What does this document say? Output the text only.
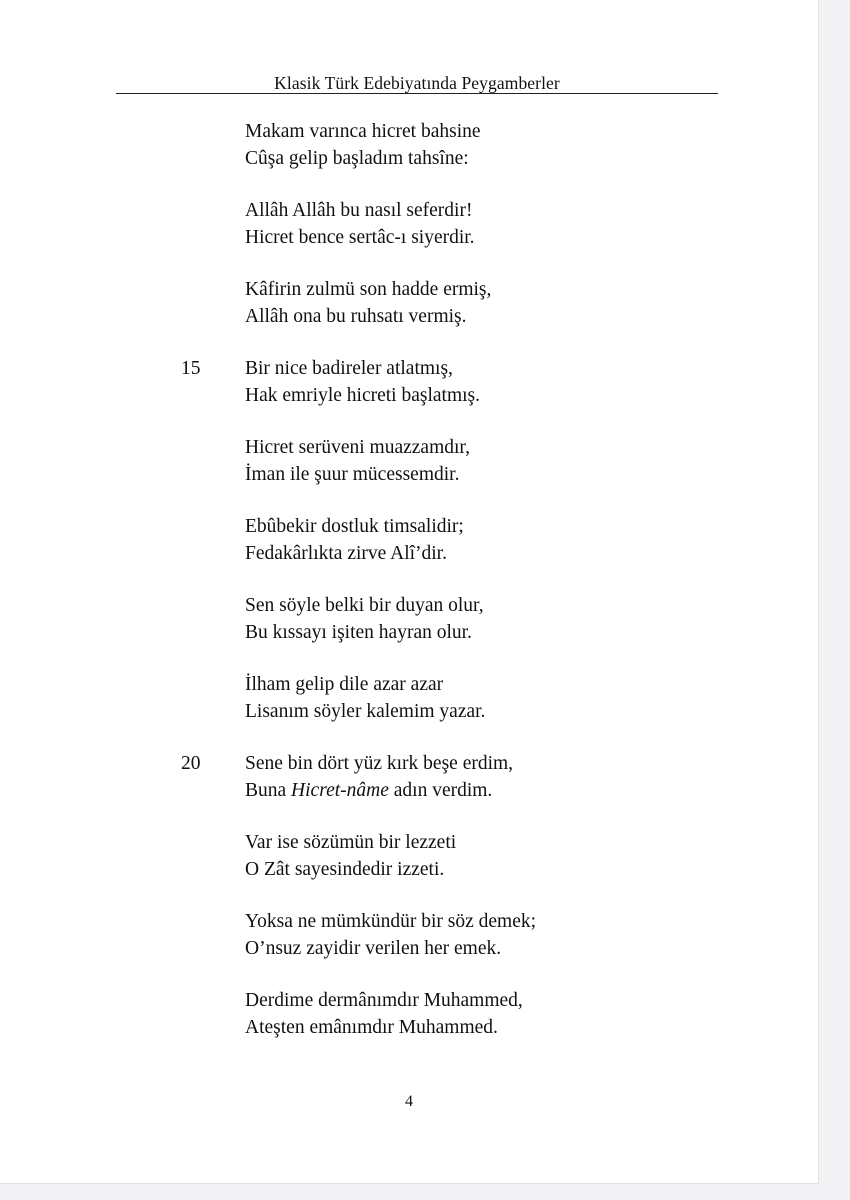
Klasik Türk Edebiyatında Peygamberler
Makam varınca hicret bahsine
Cûşa gelip başladım tahsîne:
Allâh Allâh bu nasıl seferdir!
Hicret bence sertâc-ı siyerdir.
Kâfirin zulmü son hadde ermiş,
Allâh ona bu ruhsatı vermiş.
15 Bir nice badireler atlatmış,
Hak emriyle hicreti başlatmış.
Hicret serüveni muazzamdır,
İman ile şuur mücessemdir.
Ebûbekir dostluk timsalidir;
Fedakârlıkta zirve Alî’dir.
Sen söyle belki bir duyan olur,
Bu kıssayı işiten hayran olur.
İlham gelip dile azar azar
Lisanım söyler kalemim yazar.
20 Sene bin dört yüz kırk beşe erdim,
Buna Hicret-nâme adın verdim.
Var ise sözümün bir lezzeti
O Zât sayesindedir izzeti.
Yoksa ne mümkündür bir söz demek;
O’nsuz zayidir verilen her emek.
Derdime dermânımdır Muhammed,
Ateşten emânımdır Muhammed.
4
